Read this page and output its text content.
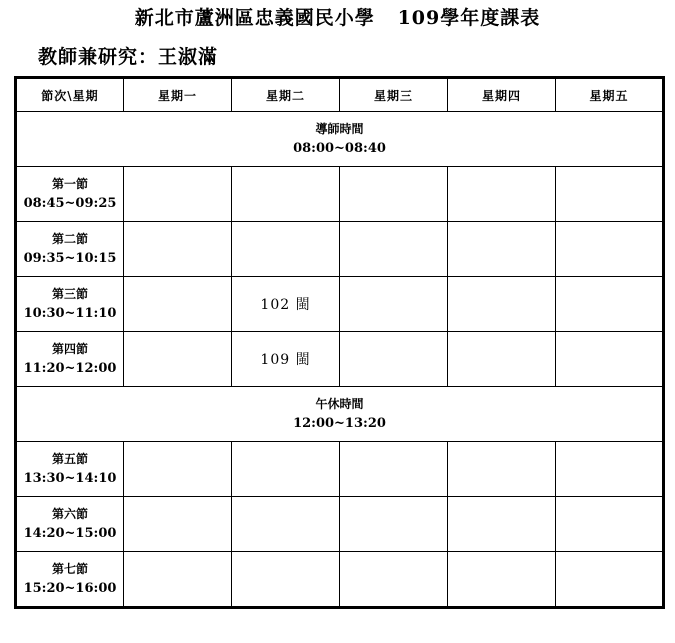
新北市蘆洲區忠義國民小學   109學年度課表
教師兼研究：王淑滿
節次\星期	星期一	星期二	星期三	星期四	星期五

導師時間
08:00~08:40					

第一節
08:45~09:25					

第二節
09:35~10:15					

第三節
10:30~11:10		102 閩			

第四節
11:20~12:00		109 閩			

午休時間
12:00~13:20					

第五節
13:30~14:10					

第六節
14:20~15:00					

第七節
15:20~16:00					
